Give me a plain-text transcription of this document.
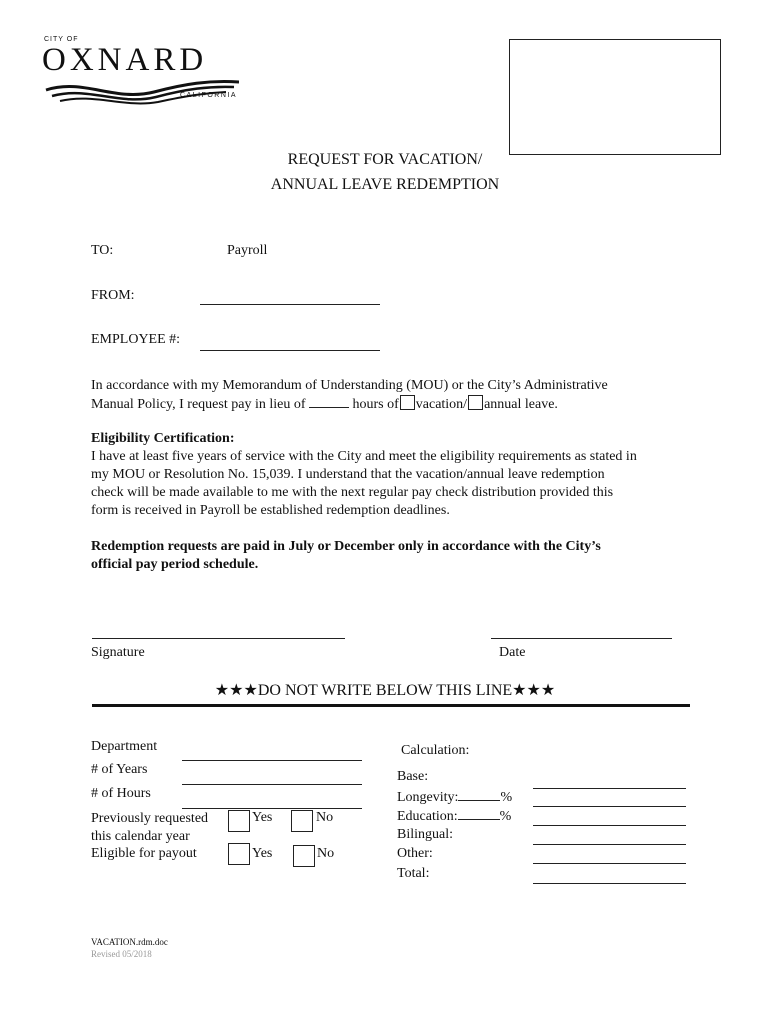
CITY OF
OXNARD
CALIFORNIA
REQUEST FOR VACATION/
ANNUAL LEAVE REDEMPTION
TO:	Payroll
FROM:
EMPLOYEE #:
In accordance with my Memorandum of Understanding (MOU) or the City’s Administrative
Manual Policy, I request pay in lieu of	hours of vacation/ annual leave.
Eligibility Certification:
I have at least five years of service with the City and meet the eligibility requirements as stated in
my MOU or Resolution No. 15,039. I understand that the vacation/annual leave redemption
check will be made available to me with the next regular pay check distribution provided this
form is received in Payroll be established redemption deadlines.
Redemption requests are paid in July or December only in accordance with the City’s
official pay period schedule.
Signature	Date
★★★DO NOT WRITE BELOW THIS LINE★★★
Department
# of Years
# of Hours
Previously requested
this calendar year
Yes	No
Eligible for payout	Yes	No
Calculation:
Base:
Longevity:	%
Education:	%
Bilingual:
Other:
Total:
VACATION.rdm.doc
Revised 05/2018
